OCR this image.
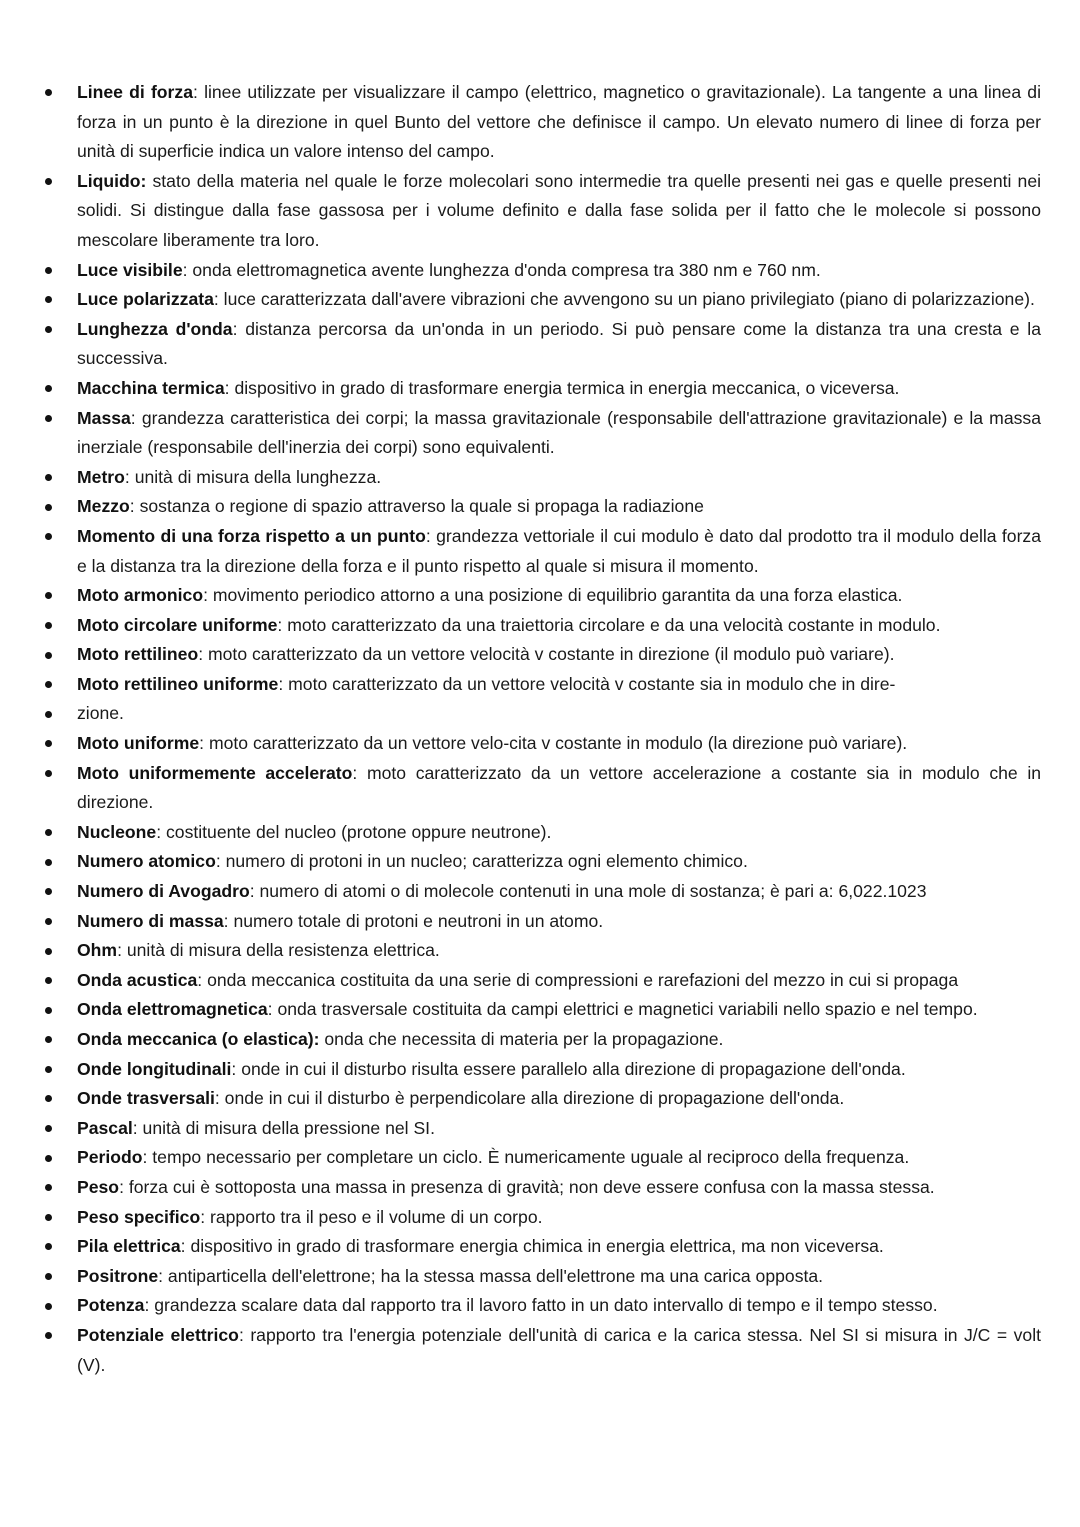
Linee di forza: linee utilizzate per visualizzare il campo (elettrico, magnetico o gravitazionale). La tangente a una linea di forza in un punto è la direzione in quel Bunto del vettore che definisce il campo. Un elevato numero di linee di forza per unità di superficie indica un valore intenso del campo.
Liquido: stato della materia nel quale le forze molecolari sono intermedie tra quelle presenti nei gas e quelle presenti nei solidi. Si distingue dalla fase gassosa per i volume definito e dalla fase solida per il fatto che le molecole si possono mescolare liberamente tra loro.
Luce visibile: onda elettromagnetica avente lunghezza d'onda compresa tra 380 nm e 760 nm.
Luce polarizzata: luce caratterizzata dall'avere vibrazioni che avvengono su un piano privilegiato (piano di polarizzazione).
Lunghezza d'onda: distanza percorsa da un'onda in un periodo. Si può pensare come la distanza tra una cresta e la successiva.
Macchina termica: dispositivo in grado di trasformare energia termica in energia meccanica, o viceversa.
Massa: grandezza caratteristica dei corpi; la massa gravitazionale (responsabile dell'attrazione gravitazionale) e la massa inerziale (responsabile dell'inerzia dei corpi) sono equivalenti.
Metro: unità di misura della lunghezza.
Mezzo: sostanza o regione di spazio attraverso la quale si propaga la radiazione
Momento di una forza rispetto a un punto: grandezza vettoriale il cui modulo è dato dal prodotto tra il modulo della forza e la distanza tra la direzione della forza e il punto rispetto al quale si misura il momento.
Moto armonico: movimento periodico attorno a una posizione di equilibrio garantita da una forza elastica.
Moto circolare uniforme: moto caratterizzato da una traiettoria circolare e da una velocità costante in modulo.
Moto rettilineo: moto caratterizzato da un vettore velocità v costante in direzione (il modulo può variare).
Moto rettilineo uniforme: moto caratterizzato da un vettore velocità v costante sia in modulo che in dire-
zione.
Moto uniforme: moto caratterizzato da un vettore velo-cita v costante in modulo (la direzione può variare).
Moto uniformemente accelerato: moto caratterizzato da un vettore accelerazione a costante sia in modulo che in direzione.
Nucleone: costituente del nucleo (protone oppure neutrone).
Numero atomico: numero di protoni in un nucleo; caratterizza ogni elemento chimico.
Numero di Avogadro: numero di atomi o di molecole contenuti in una mole di sostanza; è pari a: 6,022.1023
Numero di massa: numero totale di protoni e neutroni in un atomo.
Ohm: unità di misura della resistenza elettrica.
Onda acustica: onda meccanica costituita da una serie di compressioni e rarefazioni del mezzo in cui si propaga
Onda elettromagnetica: onda trasversale costituita da campi elettrici e magnetici variabili nello spazio e nel tempo.
Onda meccanica (o elastica): onda che necessita di materia per la propagazione.
Onde longitudinali: onde in cui il disturbo risulta essere parallelo alla direzione di propagazione dell'onda.
Onde trasversali: onde in cui il disturbo è perpendicolare alla direzione di propagazione dell'onda.
Pascal: unità di misura della pressione nel SI.
Periodo: tempo necessario per completare un ciclo. È numericamente uguale al reciproco della frequenza.
Peso: forza cui è sottoposta una massa in presenza di gravità; non deve essere confusa con la massa stessa.
Peso specifico: rapporto tra il peso e il volume di un corpo.
Pila elettrica: dispositivo in grado di trasformare energia chimica in energia elettrica, ma non viceversa.
Positrone: antiparticella dell'elettrone; ha la stessa massa dell'elettrone ma una carica opposta.
Potenza: grandezza scalare data dal rapporto tra il lavoro fatto in un dato intervallo di tempo e il tempo stesso.
Potenziale elettrico: rapporto tra l'energia potenziale dell'unità di carica e la carica stessa. Nel SI si misura in J/C = volt (V).
